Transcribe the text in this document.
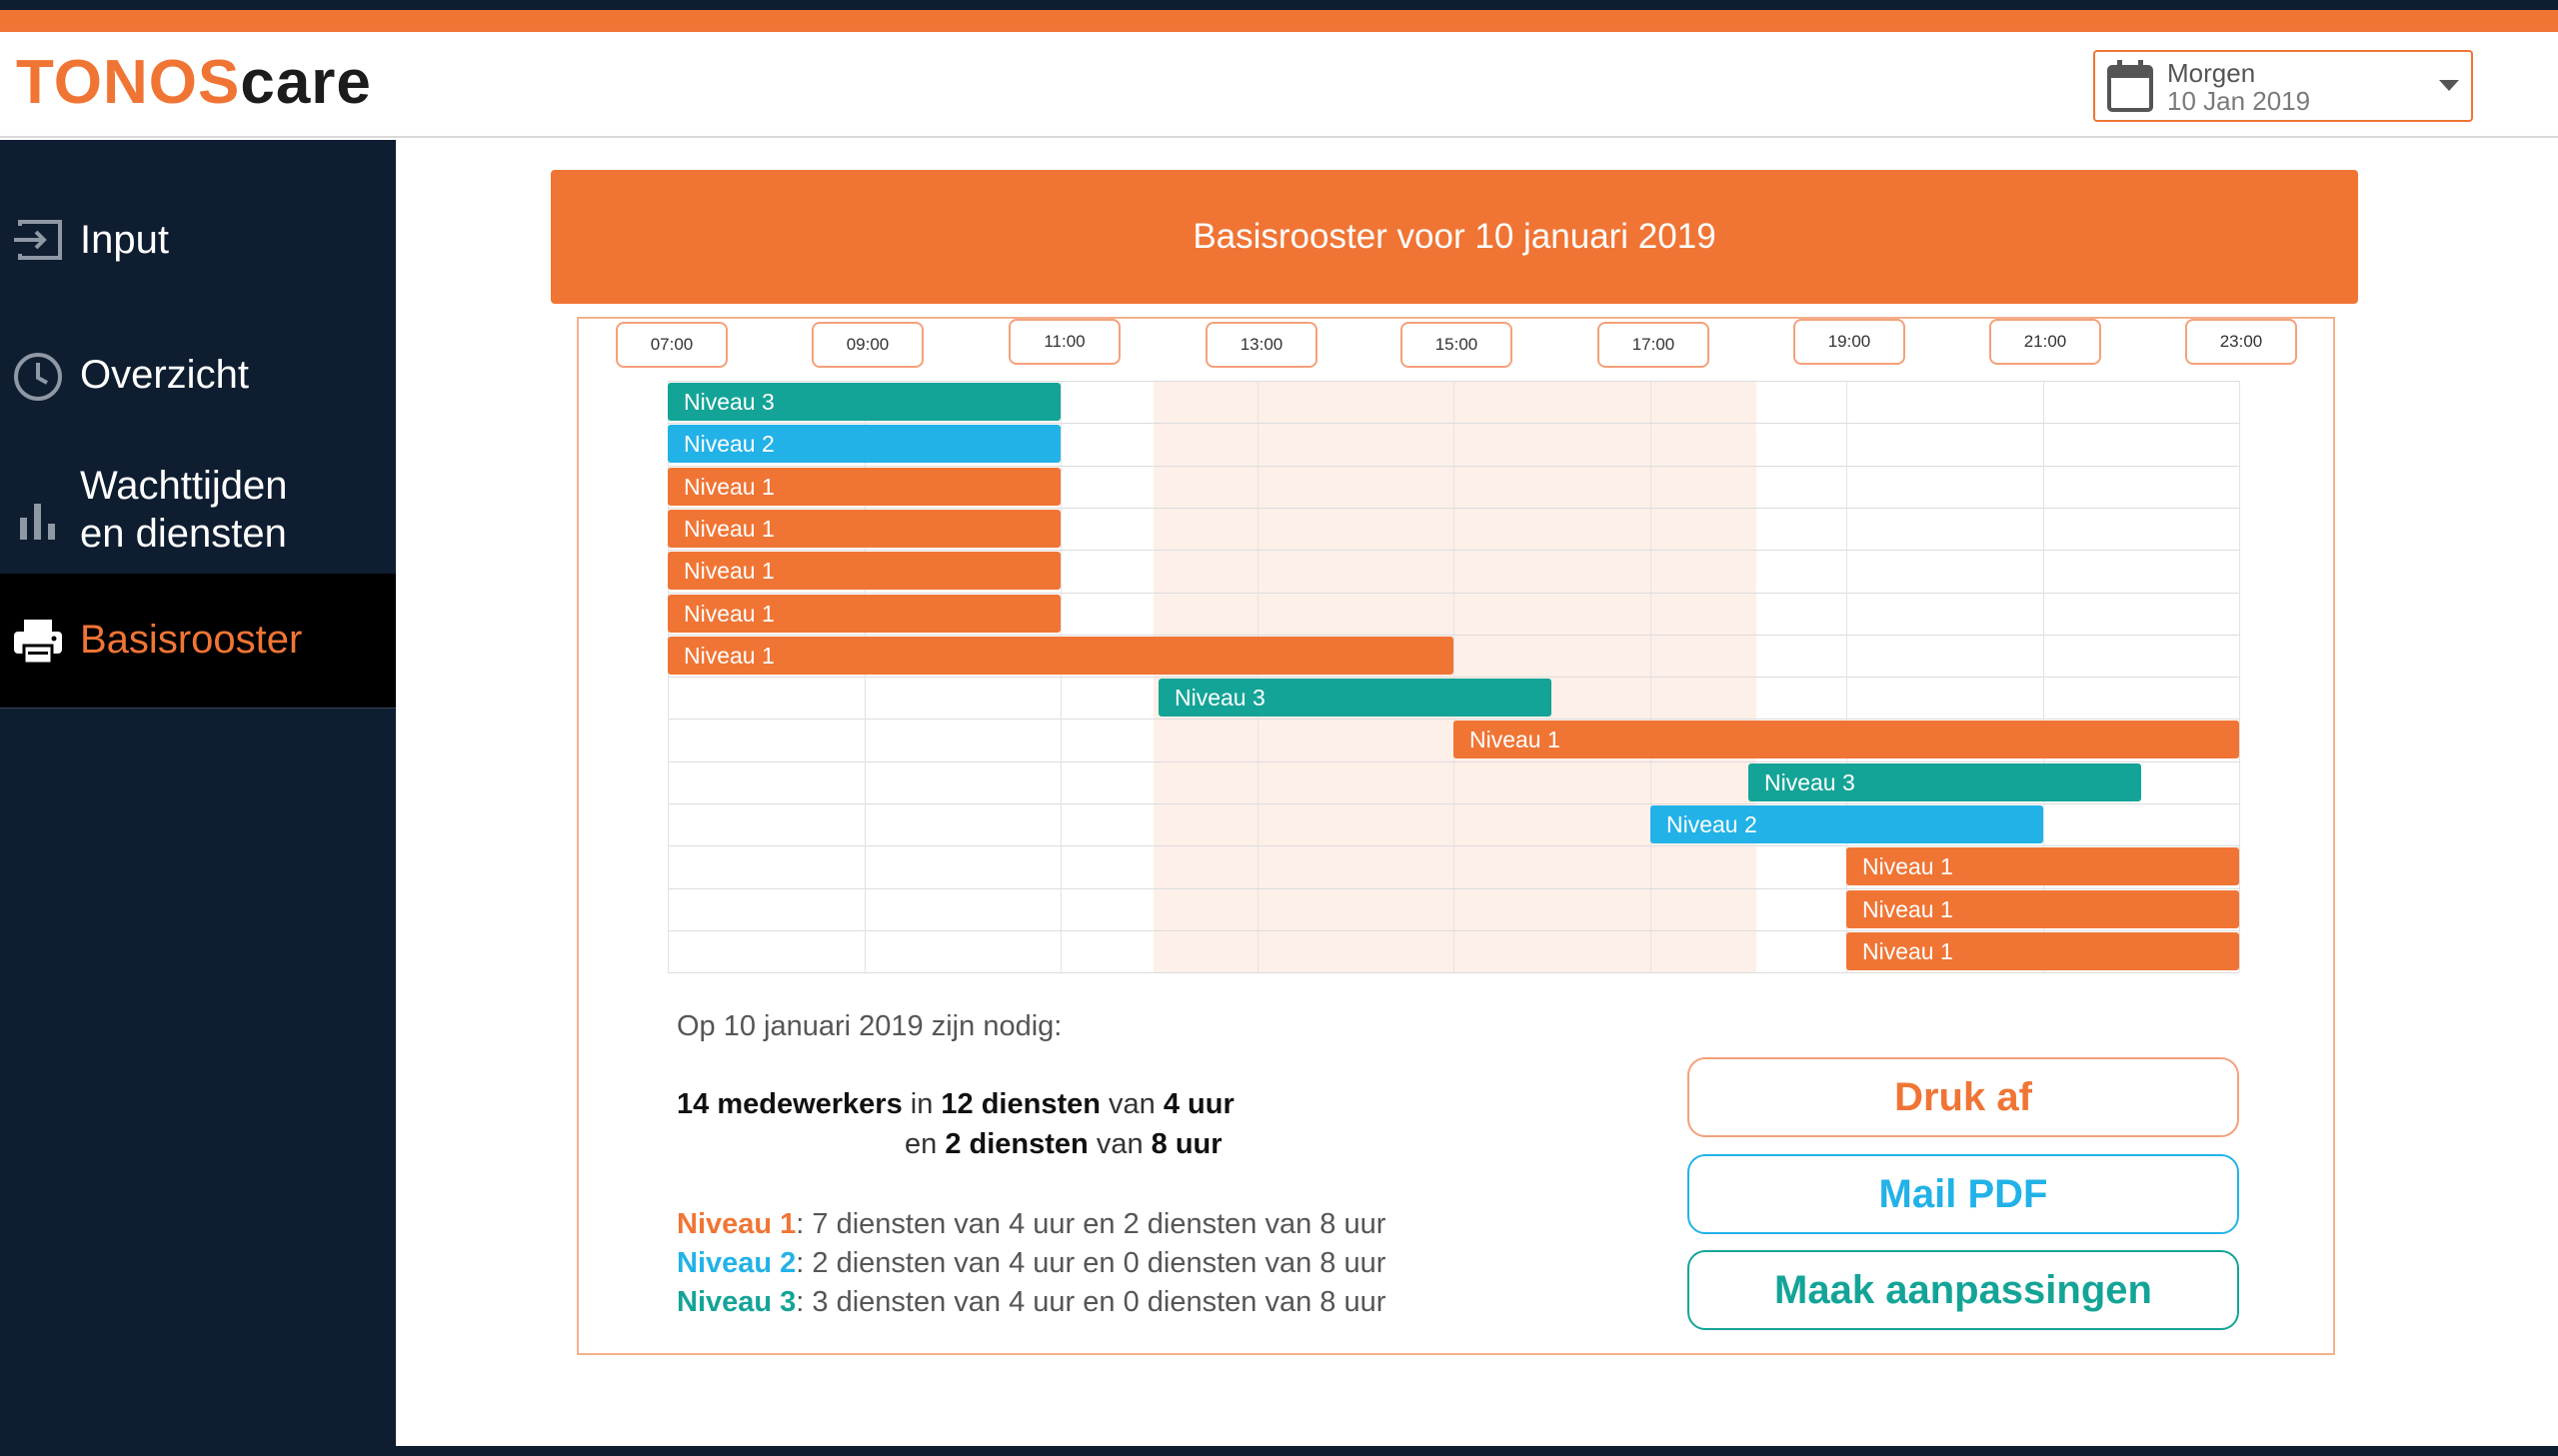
TONOScare	Morgen
10 Jan 2019
Input
Overzicht
Wachttijden
en diensten
Basisrooster
Basisrooster voor 10 januari 2019
07:00	09:00	11:00	13:00	15:00	17:00	19:00	21:00	23:00
Niveau 3
Niveau 2
Niveau 1
Niveau 1
Niveau 1
Niveau 1
Niveau 1
Niveau 3
Niveau 1
Niveau 3
Niveau 2
Niveau 1
Niveau 1
Niveau 1
Op 10 januari 2019 zijn nodig:
14 medewerkers in 12 diensten van 4 uur
en 2 diensten van 8 uur
Niveau 1: 7 diensten van 4 uur en 2 diensten van 8 uur
Niveau 2: 2 diensten van 4 uur en 0 diensten van 8 uur
Niveau 3: 3 diensten van 4 uur en 0 diensten van 8 uur
Druk af
Mail PDF
Maak aanpassingen
